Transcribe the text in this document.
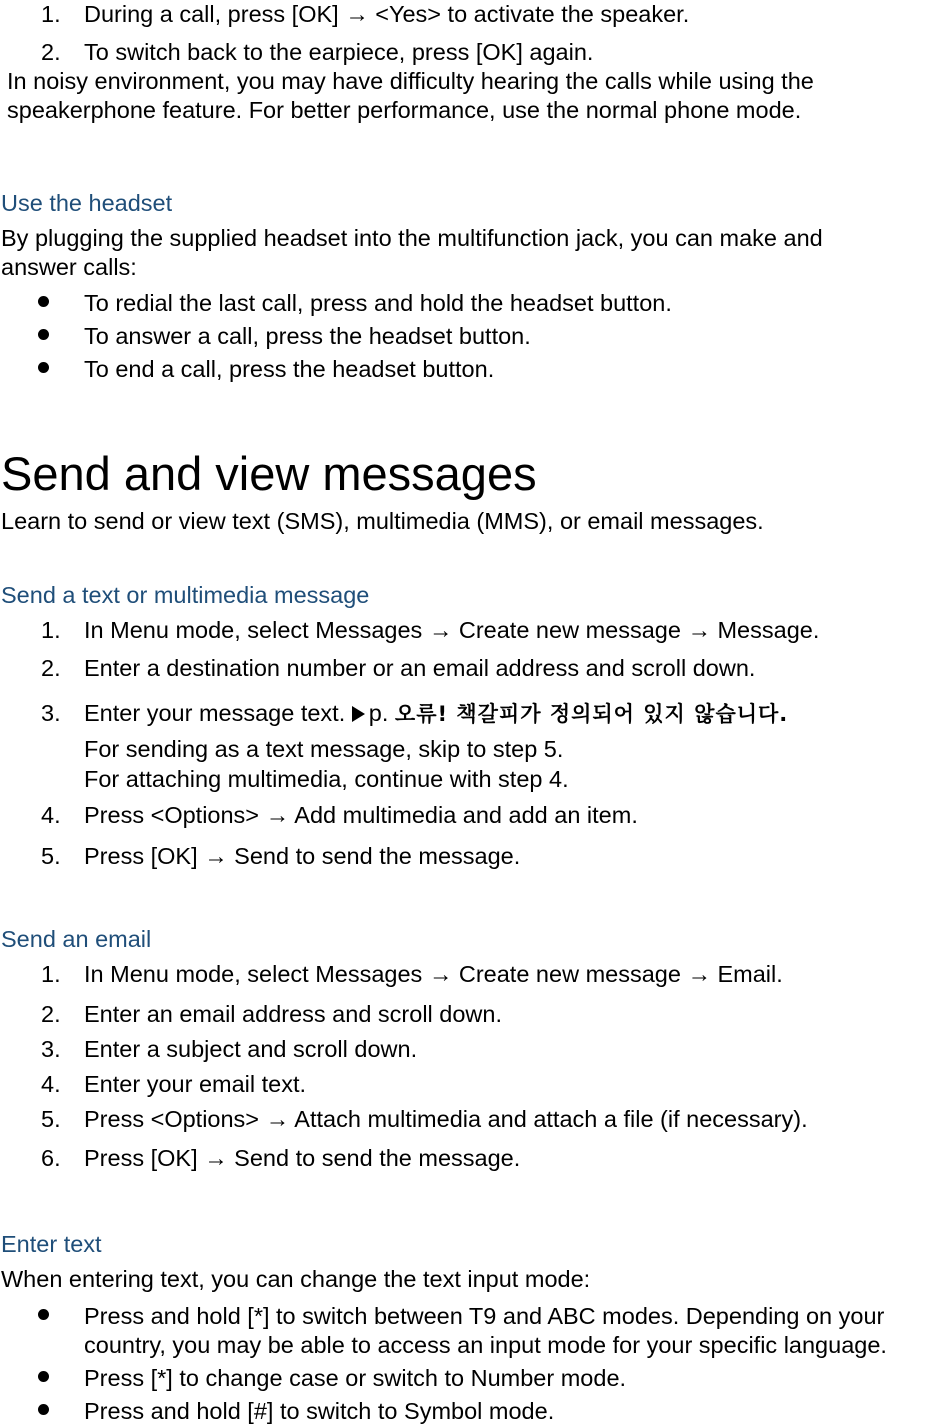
1. During a call, press [OK] → <Yes> to activate the speaker.
2. To switch back to the earpiece, press [OK] again.
In noisy environment, you may have difficulty hearing the calls while using the
speakerphone feature. For better performance, use the normal phone mode.
Use the headset
By plugging the supplied headset into the multifunction jack, you can make and
answer calls:
To redial the last call, press and hold the headset button.
To answer a call, press the headset button.
To end a call, press the headset button.
Send and view messages
Learn to send or view text (SMS), multimedia (MMS), or email messages.
Send a text or multimedia message
1. In Menu mode, select Messages → Create new message → Message.
2. Enter a destination number or an email address and scroll down.
3. Enter your message text. p. 오류! 책갈피가 정의되어 있지 않습니다.
For sending as a text message, skip to step 5.
For attaching multimedia, continue with step 4.
4. Press <Options> → Add multimedia and add an item.
5. Press [OK] → Send to send the message.
Send an email
1. In Menu mode, select Messages → Create new message → Email.
2. Enter an email address and scroll down.
3. Enter a subject and scroll down.
4. Enter your email text.
5. Press <Options> → Attach multimedia and attach a file (if necessary).
6. Press [OK] → Send to send the message.
Enter text
When entering text, you can change the text input mode:
Press and hold [*] to switch between T9 and ABC modes. Depending on your
country, you may be able to access an input mode for your specific language.
Press [*] to change case or switch to Number mode.
Press and hold [#] to switch to Symbol mode.
